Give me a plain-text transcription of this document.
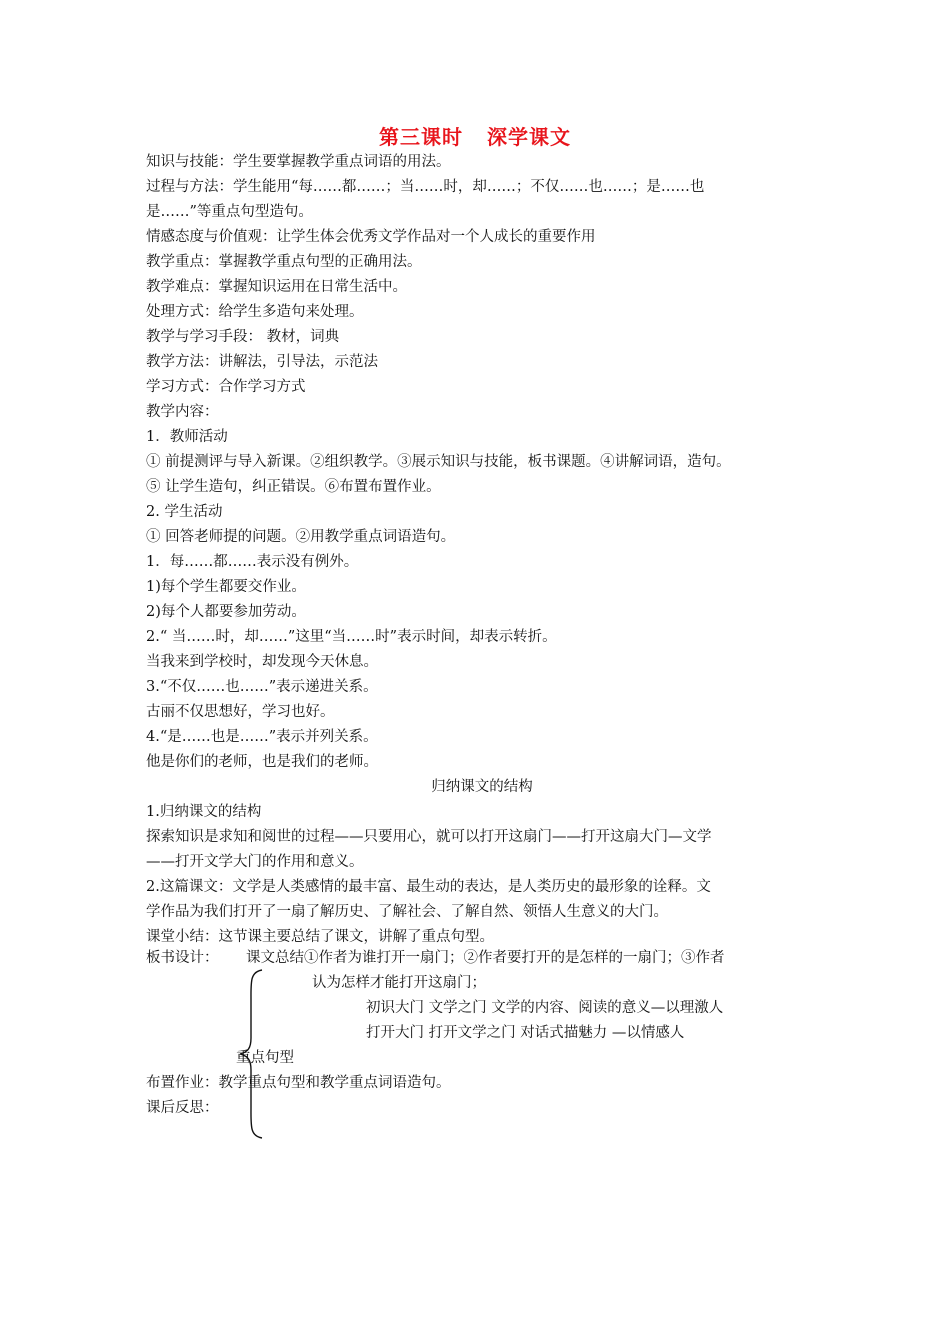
第三课时 深学课文
知识与技能：学生要掌握教学重点词语的用法。
过程与方法：学生能用“每……都……；当……时，却……；不仅……也……；是……也
是……”等重点句型造句。
情感态度与价值观：让学生体会优秀文学作品对一个人成长的重要作用
教学重点：掌握教学重点句型的正确用法。
教学难点：掌握知识运用在日常生活中。
处理方式：给学生多造句来处理。
教学与学习手段： 教材，词典
教学方法：讲解法，引导法，示范法
学习方式：合作学习方式
教学内容：
1．教师活动
① 前提测评与导入新课。②组织教学。③展示知识与技能，板书课题。④讲解词语，造句。
⑤ 让学生造句，纠正错误。⑥布置布置作业。
2. 学生活动
① 回答老师提的问题。②用教学重点词语造句。
1．每……都……表示没有例外。
1)每个学生都要交作业。
2)每个人都要参加劳动。
2.“ 当……时，却……”这里“当……时”表示时间，却表示转折。
当我来到学校时，却发现今天休息。
3.“不仅……也……”表示递进关系。
古丽不仅思想好，学习也好。
4.“是……也是……”表示并列关系。
他是你们的老师，也是我们的老师。
归纳课文的结构
1.归纳课文的结构
探索知识是求知和阅世的过程——只要用心，就可以打开这扇门——打开这扇大门—文学
——打开文学大门的作用和意义。
2.这篇课文：文学是人类感情的最丰富、最生动的表达，是人类历史的最形象的诠释。文
学作品为我们打开了一扇了解历史、了解社会、了解自然、领悟人生意义的大门。
课堂小结：这节课主要总结了课文，讲解了重点句型。
板书设计： 课文总结①作者为谁打开一扇门；②作者要打开的是怎样的一扇门；③作者
认为怎样才能打开这扇门；
初识大门 文学之门 文学的内容、阅读的意义—以理激人
打开大门 打开文学之门 对话式描魅力 —以情感人
重点句型
布置作业：教学重点句型和教学重点词语造句。
课后反思：
